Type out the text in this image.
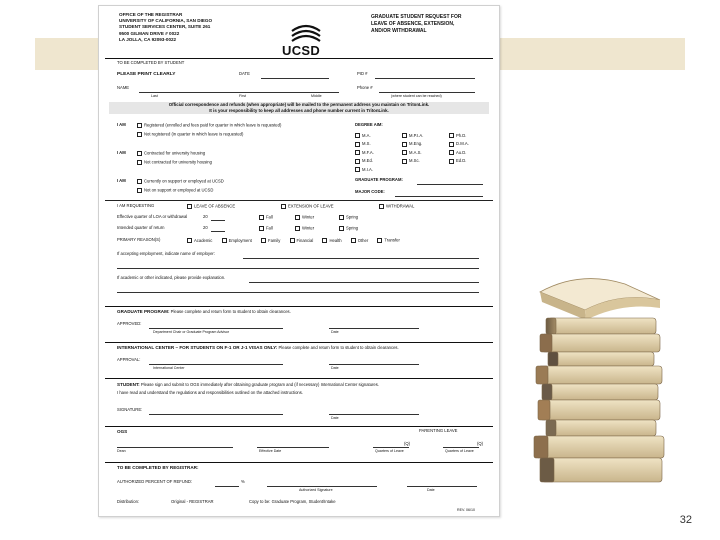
OFFICE OF THE REGISTRAR
UNIVERSITY OF CALIFORNIA, SAN DIEGO
STUDENT SERVICES CENTER, SUITE 261
9500 GILMAN DRIVE # 0022
LA JOLLA, CA 92093-0022
UCSD
GRADUATE STUDENT REQUEST FOR
LEAVE OF ABSENCE, EXTENSION,
AND/OR WITHDRAWAL
TO BE COMPLETED BY STUDENT
PLEASE PRINT CLEARLY	DATE	PID #
NAME
Last	First	Middle
Phone #
(where student can be reached)
Official correspondence and refunds (when appropriate) will be mailed to the permanent address you maintain on TritonLink.
It is your responsibility to keep all addresses and phone number current in TritonLink.
I AM	Registered (enrolled and fees paid for quarter in which leave is requested)
Not registered (in quarter in which leave is requested)
I AM	Contracted for university housing
Not contracted for university housing
I AM	Currently on support or employed at UCSD
Not on support or employed at UCSD
DEGREE AIM:
M.A.	M.P.I.A.	Ph.D.
M.S.	M.Eng.	D.M.A.
M.F.A.	M.A.S.	Au.D.
M.Ed.	M.Sc.	Ed.D.
M.I.A.
GRADUATE PROGRAM:
MAJOR CODE:
I AM REQUESTING	LEAVE OF ABSENCE	EXTENSION OF LEAVE	WITHDRAWAL
Effective quarter of LOA or withdrawal	20	Fall	Winter	Spring
Intended quarter of return	20	Fall	Winter	Spring
PRIMARY REASON(S)	Academic	Employment	Family	Financial	Health	Other	Transfer
If accepting employment, indicate name of employer:
If academic or other indicated, please provide explanation.
GRADUATE PROGRAM: Please complete and return form to student to obtain clearances.
APPROVED:
Department Chair or Graduate Program Advisor	Date
INTERNATIONAL CENTER – FOR STUDENTS ON F-1 OR J-1 VISAS ONLY: Please complete and return form to student to obtain clearances.
APPROVAL:
International Center	Date
STUDENT: Please sign and submit to OGS immediately after obtaining graduate program and (if necessary) International Center signatures.
I have read and understand the regulations and responsibilities outlined on the attached instructions.
SIGNATURE:
Date
OGS	PARENTING LEAVE
(Q)	(Q)
Dean	Effective Date	Quarters of Leave	Quarters of Leave
TO BE COMPLETED BY REGISTRAR:
AUTHORIZED PERCENT OF REFUND:	%
Authorized Signature	Date
Distribution:	Original - REGISTRAR	Copy to be: Graduate Program, Student/Intake
REV. 06/10
32
